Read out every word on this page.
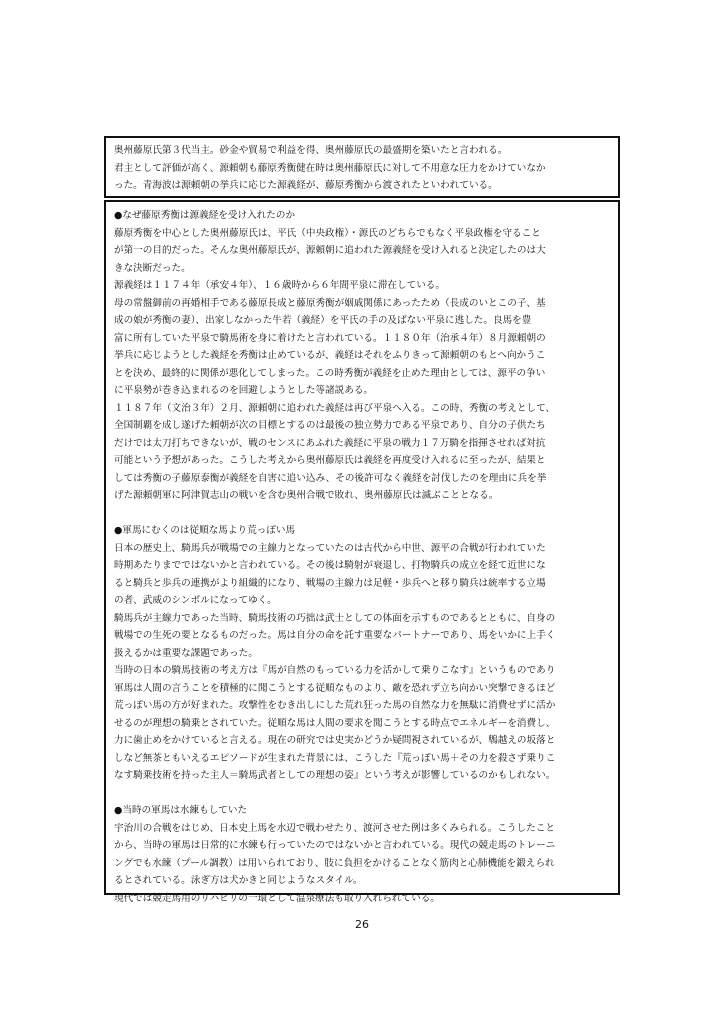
奥州藤原氏第３代当主。砂金や貿易で利益を得、奥州藤原氏の最盛期を築いたと言われる。
君主として評価が高く、源頼朝も藤原秀衡健在時は奥州藤原氏に対して不用意な圧力をかけていなか
った。青海波は源頼朝の挙兵に応じた源義経が、藤原秀衡から渡されたといわれている。
●なぜ藤原秀衡は源義経を受け入れたのか
藤原秀衡を中心とした奥州藤原氏は、平氏（中央政権）・源氏のどちらでもなく平泉政権を守ること
が第一の目的だった。そんな奥州藤原氏が、源頼朝に追われた源義経を受け入れると決定したのは大
きな決断だった。
源義経は１１７４年（承安４年）、１６歳時から６年間平泉に滞在している。
母の常盤御前の再婚相手である藤原長成と藤原秀衡が姻戚関係にあったため（長成のいとこの子、基
成の娘が秀衡の妻）、出家しなかった牛若（義経）を平氏の手の及ばない平泉に逃した。良馬を豊
富に所有していた平泉で騎馬術を身に着けたと言われている。１１８０年（治承４年）８月源頼朝の
挙兵に応じようとした義経を秀衡は止めているが、義経はそれをふりきって源頼朝のもとへ向かうこ
とを決め、最終的に関係が悪化してしまった。この時秀衡が義経を止めた理由としては、源平の争い
に平泉勢が巻き込まれるのを回避しようとした等諸説ある。
１１８７年（文治３年）２月、源頼朝に追われた義経は再び平泉へ入る。この時、秀衡の考えとして、
全国制覇を成し遂げた頼朝が次の目標とするのは最後の独立勢力である平泉であり、自分の子供たち
だけでは太刀打ちできないが、戦のセンスにあふれた義経に平泉の戦力１７万騎を指揮させれば対抗
可能という予想があった。こうした考えから奥州藤原氏は義経を再度受け入れるに至ったが、結果と
しては秀衡の子藤原泰衡が義経を自害に追い込み、その後許可なく義経を討伐したのを理由に兵を挙
げた源頼朝軍に阿津賀志山の戦いを含む奥州合戦で敗れ、奥州藤原氏は滅ぶこととなる。
●軍馬にむくのは従順な馬より荒っぽい馬
日本の歴史上、騎馬兵が戦場での主線力となっていたのは古代から中世、源平の合戦が行われていた
時期あたりまでではないかと言われている。その後は騎射が衰退し、打物騎兵の成立を経て近世にな
ると騎兵と歩兵の連携がより組織的になり、戦場の主線力は足軽・歩兵へと移り騎兵は統率する立場
の者、武威のシンボルになってゆく。
騎馬兵が主線力であった当時、騎馬技術の巧拙は武士としての体面を示すものであるとともに、自身の
戦場での生死の要となるものだった。馬は自分の命を託す重要なパートナーであり、馬をいかに上手く
扱えるかは重要な課題であった。
当時の日本の騎馬技術の考え方は『馬が自然のもっている力を活かして乗りこなす』というものであり
軍馬は人間の言うことを積極的に聞こうとする従順なものより、敵を恐れず立ち向かい突撃できるほど
荒っぽい馬の方が好まれた。攻撃性をむき出しにした荒れ狂った馬の自然な力を無駄に消費せずに活か
せるのが理想の騎乗とされていた。従順な馬は人間の要求を聞こうとする時点でエネルギーを消費し、
力に歯止めをかけていると言える。現在の研究では史実かどうか疑問視されているが、鵯越えの坂落と
しなど無茶ともいえるエピソードが生まれた背景には、こうした『荒っぽい馬＋その力を殺さず乗りこ
なす騎乗技術を持った主人＝騎馬武者としての理想の姿』という考えが影響しているのかもしれない。
●当時の軍馬は水練もしていた
宇治川の合戦をはじめ、日本史上馬を水辺で戦わせたり、渡河させた例は多くみられる。こうしたこと
から、当時の軍馬は日常的に水練も行っていたのではないかと言われている。現代の競走馬のトレーニ
ングでも水練（プール調教）は用いられており、肢に負担をかけることなく筋肉と心肺機能を鍛えられ
るとされている。泳ぎ方は犬かきと同じようなスタイル。
現代では競走馬用のリハビリの一環として温泉療法も取り入れられている。
26
